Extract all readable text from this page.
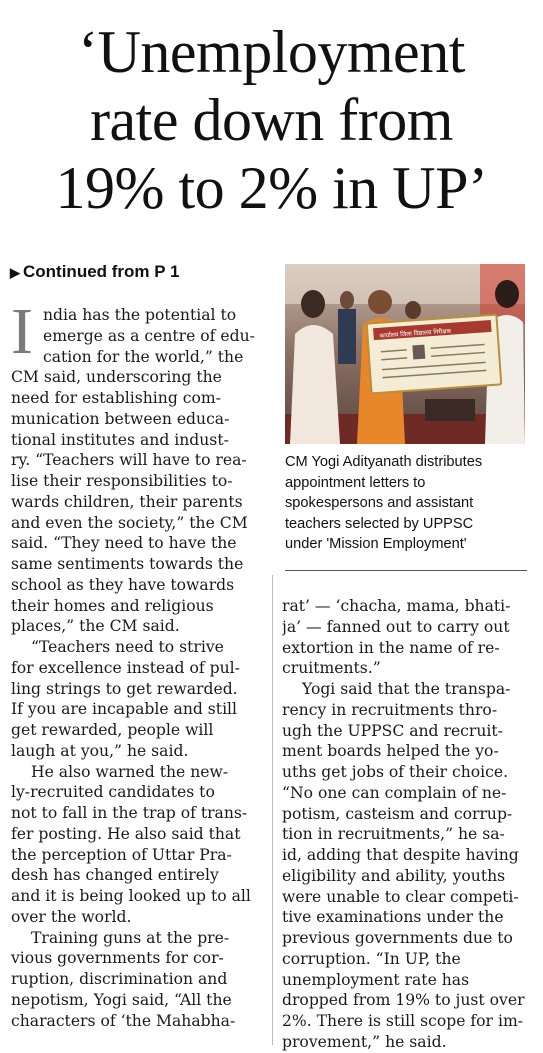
‘Unemployment
rate down from
19% to 2% in UP’
▶ Continued from P 1
I ndia has the potential to
emerge as a centre of edu-
cation for the world,” the
CM said, underscoring the
need for establishing com-
munication between educa-
tional institutes and indust-
ry. “Teachers will have to rea-
lise their responsibilities to-
wards children, their parents
and even the society,” the CM
said. “They need to have the
same sentiments towards the
school as they have towards
their homes and religious
places,” the CM said.
“Teachers need to strive
for excellence instead of pul-
ling strings to get rewarded.
If you are incapable and still
get rewarded, people will
laugh at you,” he said.
He also warned the new-
ly-recruited candidates to
not to fall in the trap of trans-
fer posting. He also said that
the perception of Uttar Pra-
desh has changed entirely
and it is being looked up to all
over the world.
Training guns at the pre-
vious governments for cor-
ruption, discrimination and
nepotism, Yogi said, “All the
characters of ‘the Mahabha-
कार्यालय जिला विद्यालय निरीक्षक
CM Yogi Adityanath distributes
appointment letters to
spokespersons and assistant
teachers selected by UPPSC
under 'Mission Employment'
rat’ — ‘chacha, mama, bhati-
ja’ — fanned out to carry out
extortion in the name of re-
cruitments.”
Yogi said that the transpa-
rency in recruitments thro-
ugh the UPPSC and recruit-
ment boards helped the yo-
uths get jobs of their choice.
“No one can complain of ne-
potism, casteism and corrup-
tion in recruitments,” he sa-
id, adding that despite having
eligibility and ability, youths
were unable to clear competi-
tive examinations under the
previous governments due to
corruption. “In UP, the
unemployment rate has
dropped from 19% to just over
2%. There is still scope for im-
provement,” he said.
